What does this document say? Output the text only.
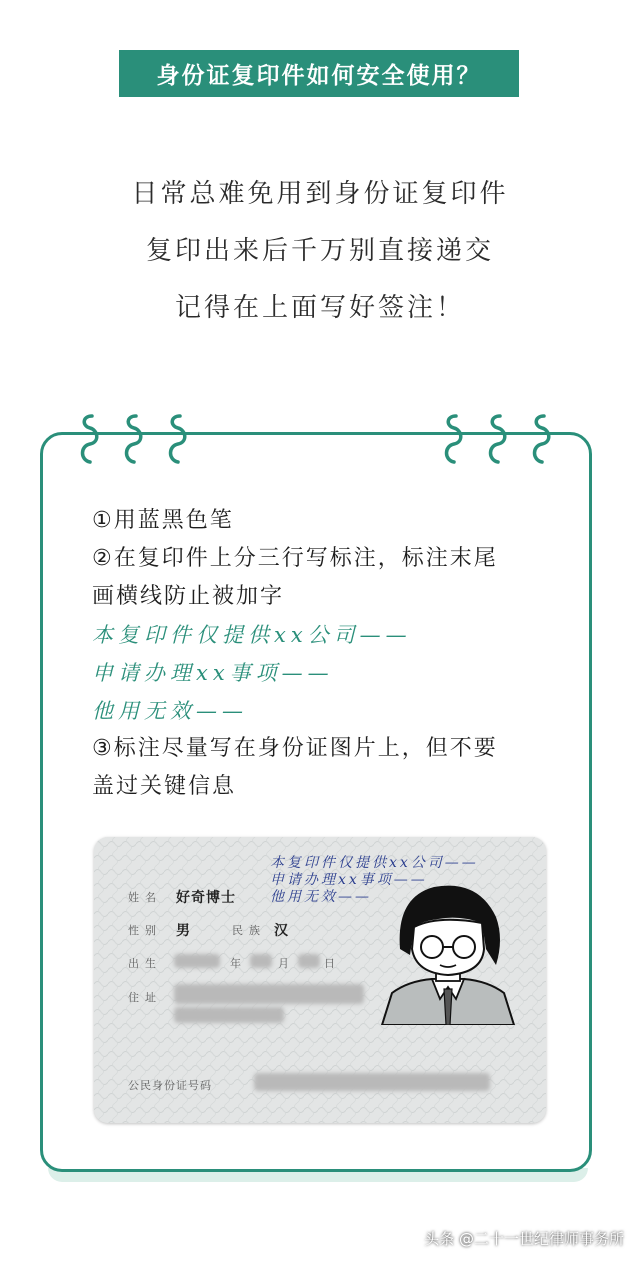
身份证复印件如何安全使用？
日常总难免用到身份证复印件
复印出来后千万别直接递交
记得在上面写好签注！
①用蓝黑色笔
②在复印件上分三行写标注，标注末尾
画横线防止被加字
本复印件仅提供xx公司——
申请办理xx事项——
他用无效——
③标注尽量写在身份证图片上，但不要
盖过关键信息
姓名 好奇博士
性别 男	民族 汉
出生	年	月	日
住址
公民身份证号码
本复印件仅提供xx公司——
申请办理xx事项——
他用无效——
头条 @二十一世纪律师事务所
